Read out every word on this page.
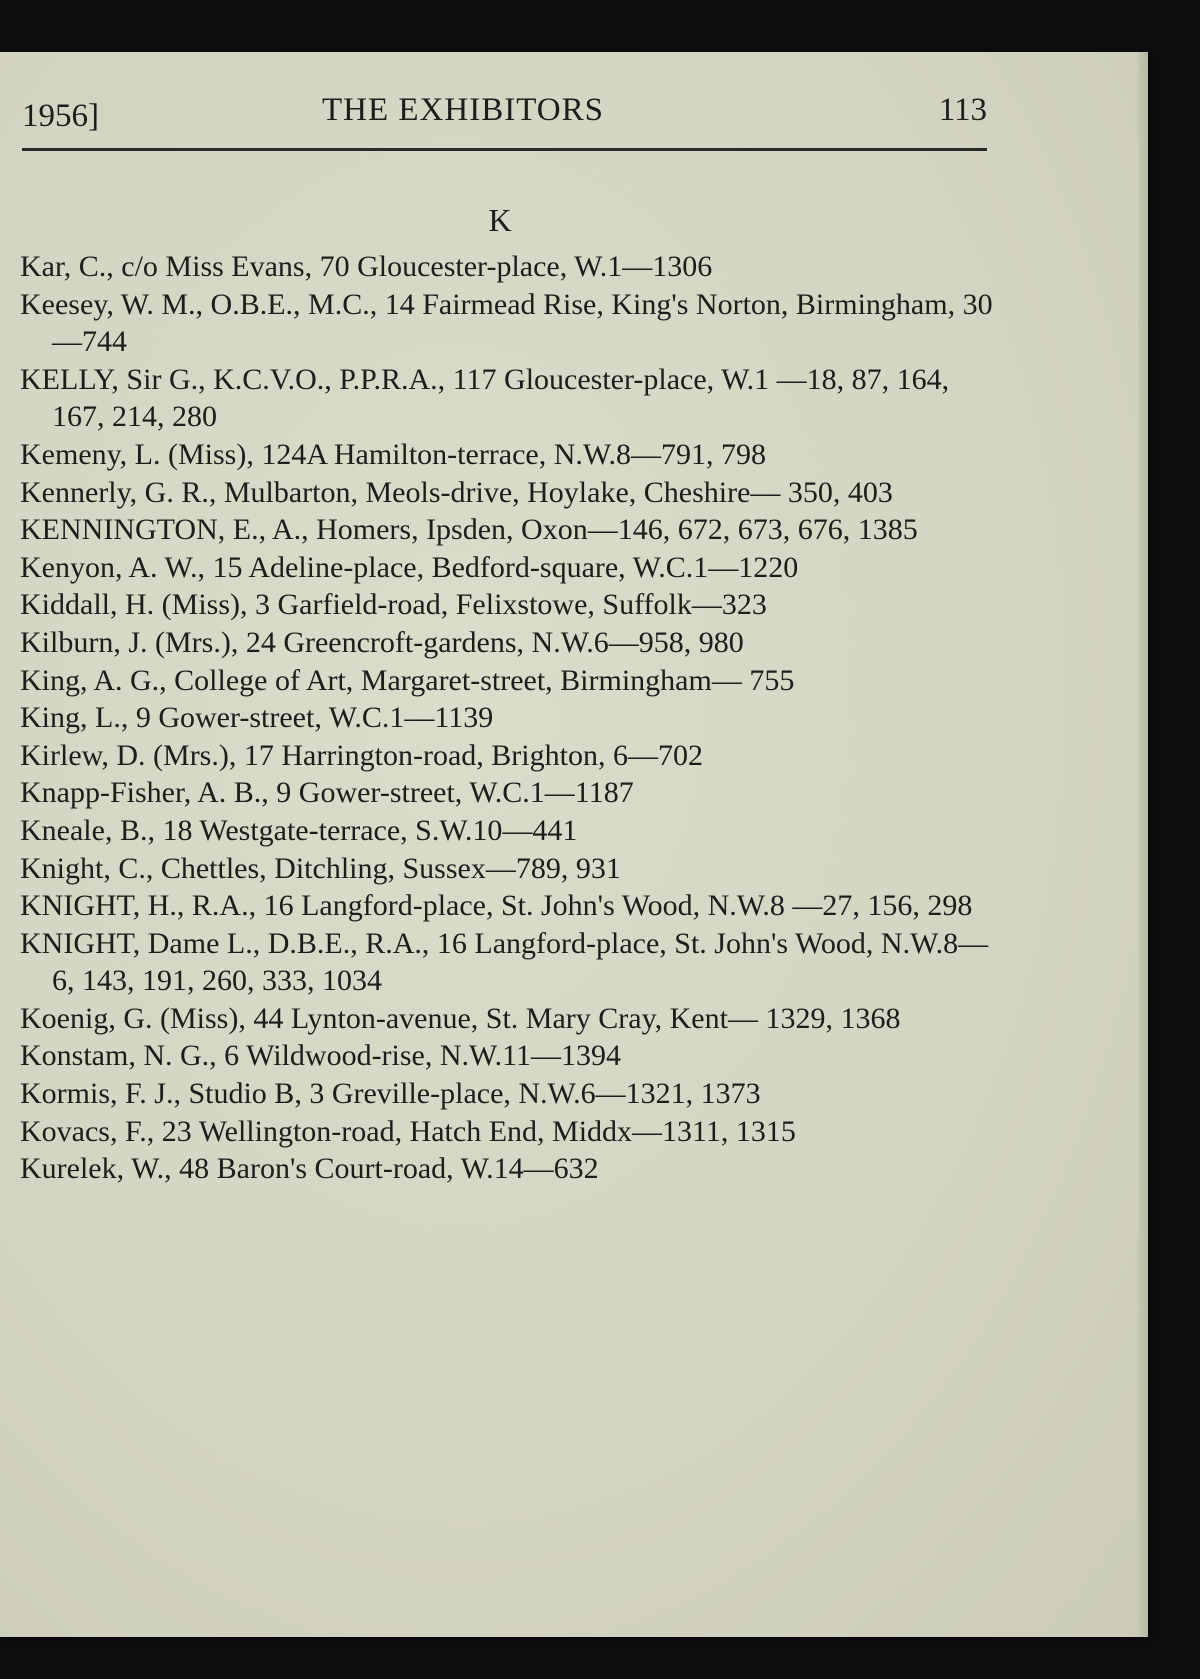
1956]	THE EXHIBITORS	113
K
Kar, C., c/o Miss Evans, 70 Gloucester-place, W.1—1306
Keesey, W. M., O.B.E., M.C., 14 Fairmead Rise, King's Norton, Birmingham, 30—744
KELLY, Sir G., K.C.V.O., P.P.R.A., 117 Gloucester-place, W.1 —18, 87, 164, 167, 214, 280
Kemeny, L. (Miss), 124A Hamilton-terrace, N.W.8—791, 798
Kennerly, G. R., Mulbarton, Meols-drive, Hoylake, Cheshire— 350, 403
KENNINGTON, E., A., Homers, Ipsden, Oxon—146, 672, 673, 676, 1385
Kenyon, A. W., 15 Adeline-place, Bedford-square, W.C.1—1220
Kiddall, H. (Miss), 3 Garfield-road, Felixstowe, Suffolk—323
Kilburn, J. (Mrs.), 24 Greencroft-gardens, N.W.6—958, 980
King, A. G., College of Art, Margaret-street, Birmingham— 755
King, L., 9 Gower-street, W.C.1—1139
Kirlew, D. (Mrs.), 17 Harrington-road, Brighton, 6—702
Knapp-Fisher, A. B., 9 Gower-street, W.C.1—1187
Kneale, B., 18 Westgate-terrace, S.W.10—441
Knight, C., Chettles, Ditchling, Sussex—789, 931
KNIGHT, H., R.A., 16 Langford-place, St. John's Wood, N.W.8 —27, 156, 298
KNIGHT, Dame L., D.B.E., R.A., 16 Langford-place, St. John's Wood, N.W.8—6, 143, 191, 260, 333, 1034
Koenig, G. (Miss), 44 Lynton-avenue, St. Mary Cray, Kent— 1329, 1368
Konstam, N. G., 6 Wildwood-rise, N.W.11—1394
Kormis, F. J., Studio B, 3 Greville-place, N.W.6—1321, 1373
Kovacs, F., 23 Wellington-road, Hatch End, Middx—1311, 1315
Kurelek, W., 48 Baron's Court-road, W.14—632
